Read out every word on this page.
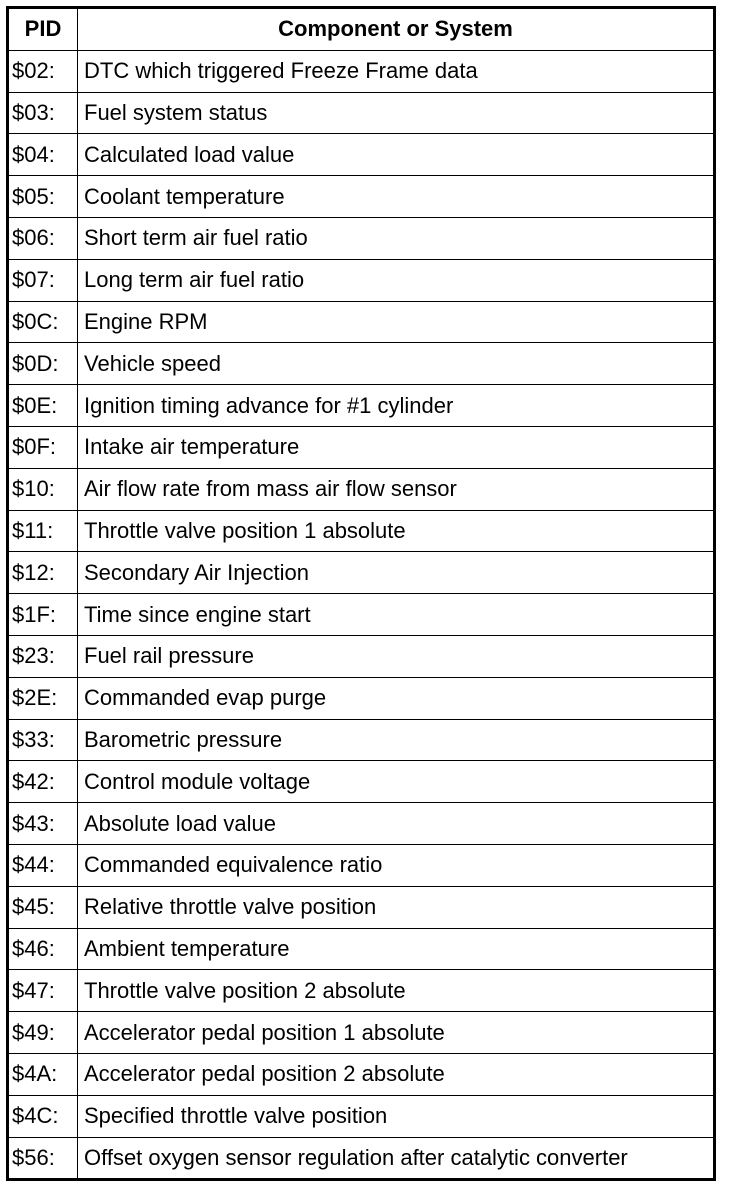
PID	Component or System
$02:	DTC which triggered Freeze Frame data
$03:	Fuel system status
$04:	Calculated load value
$05:	Coolant temperature
$06:	Short term air fuel ratio
$07:	Long term air fuel ratio
$0C:	Engine RPM
$0D:	Vehicle speed
$0E:	Ignition timing advance for #1 cylinder
$0F:	Intake air temperature
$10:	Air flow rate from mass air flow sensor
$11:	Throttle valve position 1 absolute
$12:	Secondary Air Injection
$1F:	Time since engine start
$23:	Fuel rail pressure
$2E:	Commanded evap purge
$33:	Barometric pressure
$42:	Control module voltage
$43:	Absolute load value
$44:	Commanded equivalence ratio
$45:	Relative throttle valve position
$46:	Ambient temperature
$47:	Throttle valve position 2 absolute
$49:	Accelerator pedal position 1 absolute
$4A:	Accelerator pedal position 2 absolute
$4C:	Specified throttle valve position
$56:	Offset oxygen sensor regulation after catalytic converter
